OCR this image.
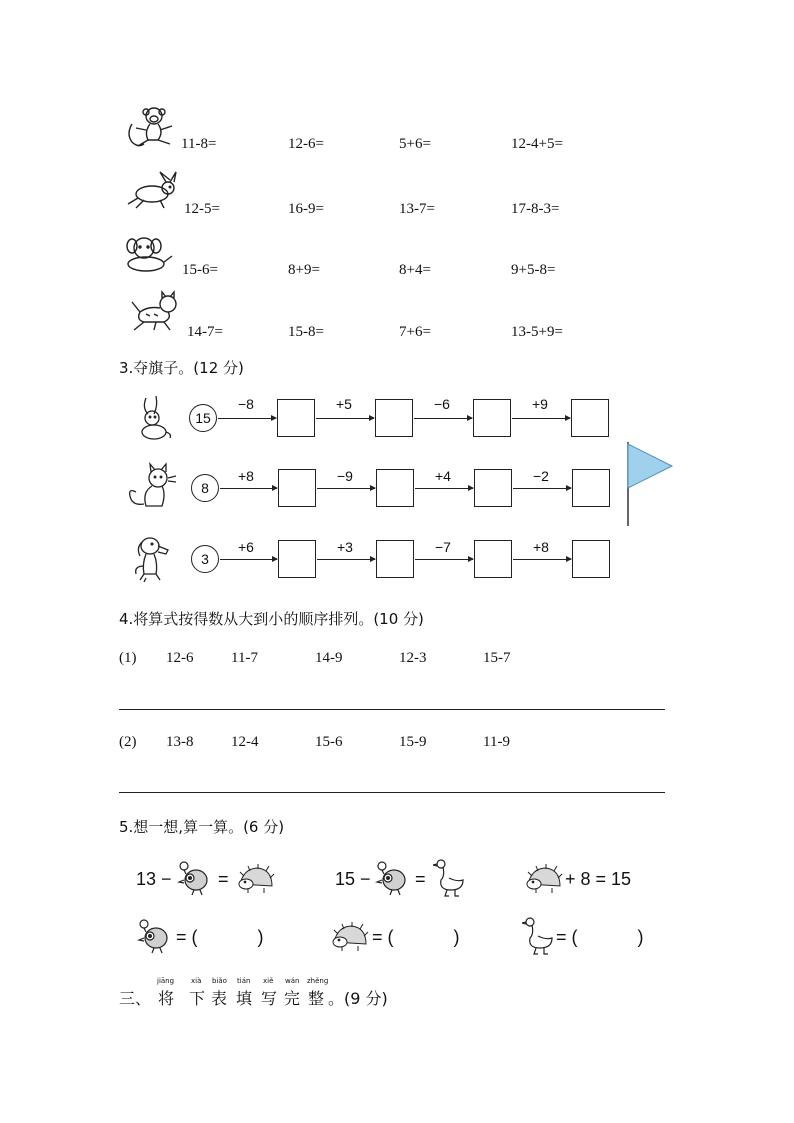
11-8=	12-6=	5+6=	12-4+5=
12-5=	16-9=	13-7=	17-8-3=
15-6=	8+9=	8+4=	9+5-8=
14-7=	15-8=	7+6=	13-5+9=
3.夺旗子。(12 分)
15
−8	+5	−6	+9
8
+8	−9	+4	−2
3
+6	+3	−7	+8
4.将算式按得数从大到小的顺序排列。(10 分)
(1) 12-6	11-7	14-9	12-3	15-7
(2) 13-8	12-4	15-6	15-9	11-9
5.想一想,算一算。(6 分)
13 −	=	15 − =	+ 8 = 15
= (            )	= (            )	= (            )
三、
jiāng xià biǎo tián xiě wán zhěng
将 下 表 填 写 完 整 。(9 分)
